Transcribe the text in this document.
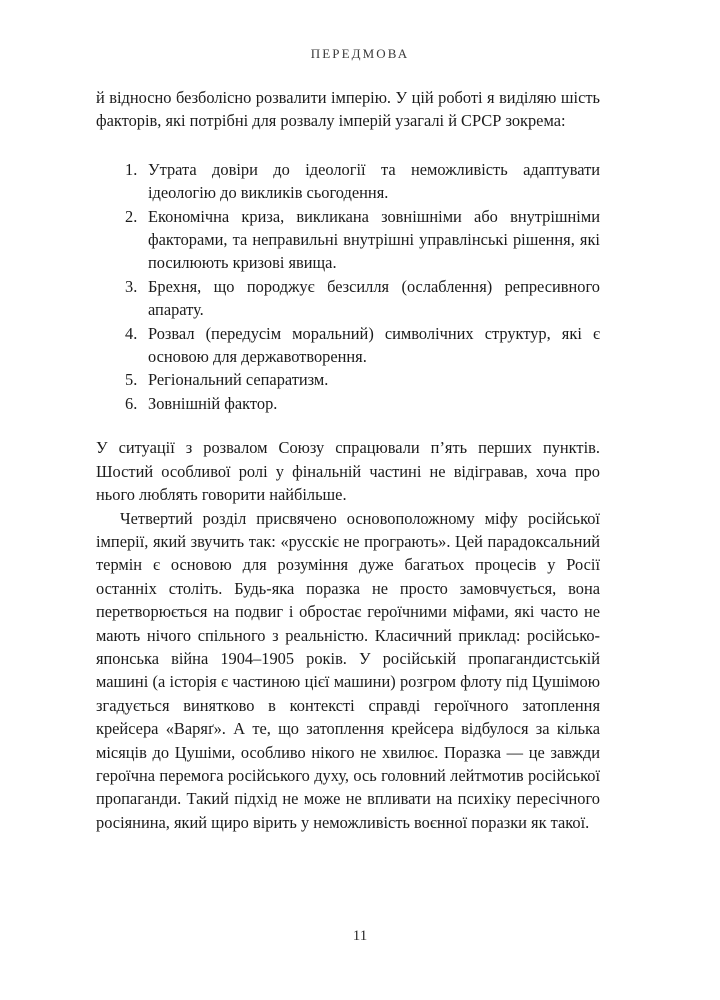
ПЕРЕДМОВА

й відносно безболісно розвалити імперію. У цій роботі я виділяю шість факторів, які потрібні для розвалу імперій узагалі й СРСР зокрема:

1. Утрата довіри до ідеології та неможливість адаптувати ідеологію до викликів сьогодення.
2. Економічна криза, викликана зовнішніми або внутрішніми факторами, та неправильні внутрішні управлінські рішення, які посилюють кризові явища.
3. Брехня, що породжує безсилля (ослаблення) репресивного апарату.
4. Розвал (передусім моральний) символічних структур, які є основою для державотворення.
5. Регіональний сепаратизм.
6. Зовнішній фактор.

У ситуації з розвалом Союзу спрацювали п’ять перших пунктів. Шостий особливої ролі у фінальній частині не відігравав, хоча про нього люблять говорити найбільше.

Четвертий розділ присвячено основоположному міфу російської імперії, який звучить так: «русскіє не програють». Цей парадоксальний термін є основою для розуміння дуже багатьох процесів у Росії останніх століть. Будь-яка поразка не просто замовчується, вона перетворюється на подвиг і обростає героїчними міфами, які часто не мають нічого спільного з реальністю. Класичний приклад: російсько-японська війна 1904–1905 років. У російській пропагандистській машині (а історія є частиною цієї машини) розгром флоту під Цушімою згадується винятково в контексті справді героїчного затоплення крейсера «Варяґ». А те, що затоплення крейсера відбулося за кілька місяців до Цушіми, особливо нікого не хвилює. Поразка — це завжди героїчна перемога російського духу, ось головний лейтмотив російської пропаганди. Такий підхід не може не впливати на психіку пересічного росіянина, який щиро вірить у неможливість воєнної поразки як такої.

11
